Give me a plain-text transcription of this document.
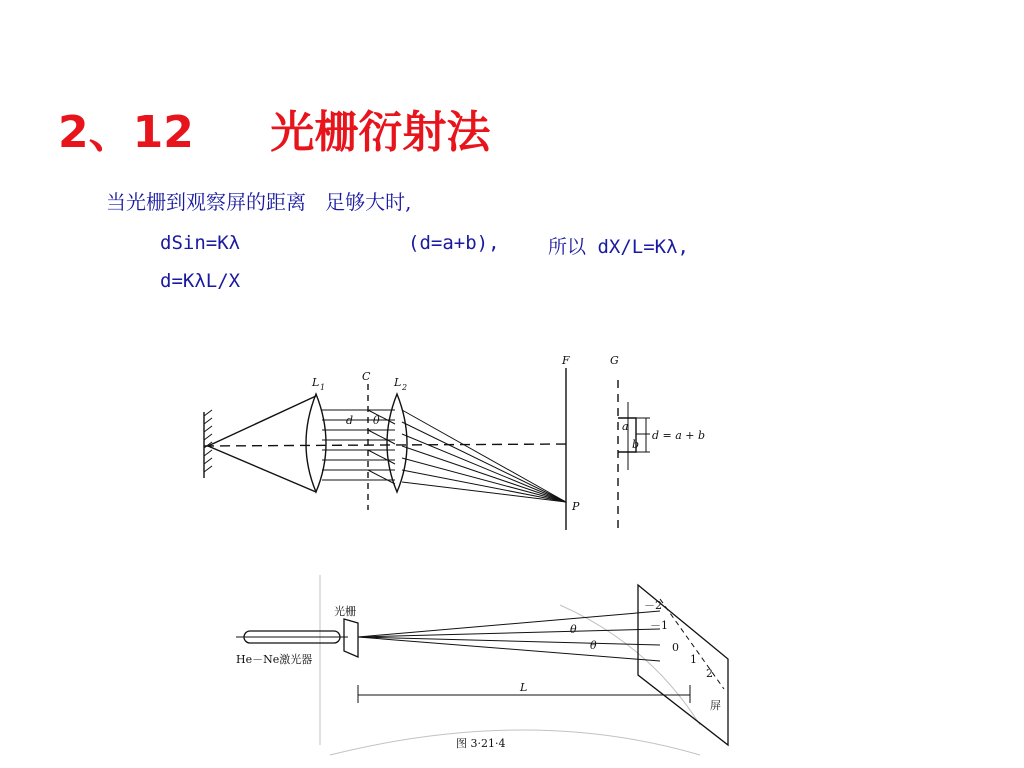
2、12     光栅衍射法
当光栅到观察屏的距离   足够大时,
dSin=Kλ	(d=a+b),	所以 dX/L=Kλ,
d=KλL/X
L 1	L 2
C
d θ
F	G
P
a
b
d = a + b
光栅
He－Ne激光器
L
θ
θ
－2
－1
0
1
2
屏
图 3·21·4
